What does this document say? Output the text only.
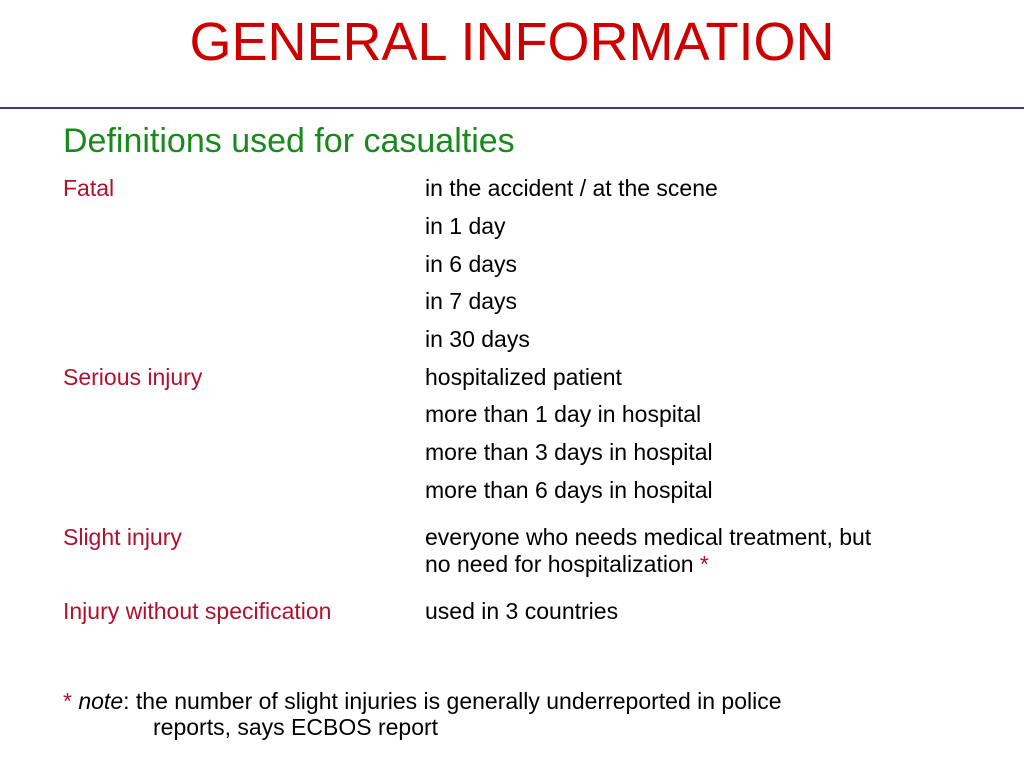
GENERAL INFORMATION
Definitions used for casualties
Fatal	in the accident / at the scene
in 1 day
in 6 days
in 7 days
in 30 days
Serious injury	hospitalized patient
more than 1 day in hospital
more than 3 days in hospital
more than 6 days in hospital
Slight injury	everyone who needs medical treatment, but
no need for hospitalization *
Injury without specification	used in 3 countries
* note: the number of slight injuries is generally underreported in police
reports, says ECBOS report
